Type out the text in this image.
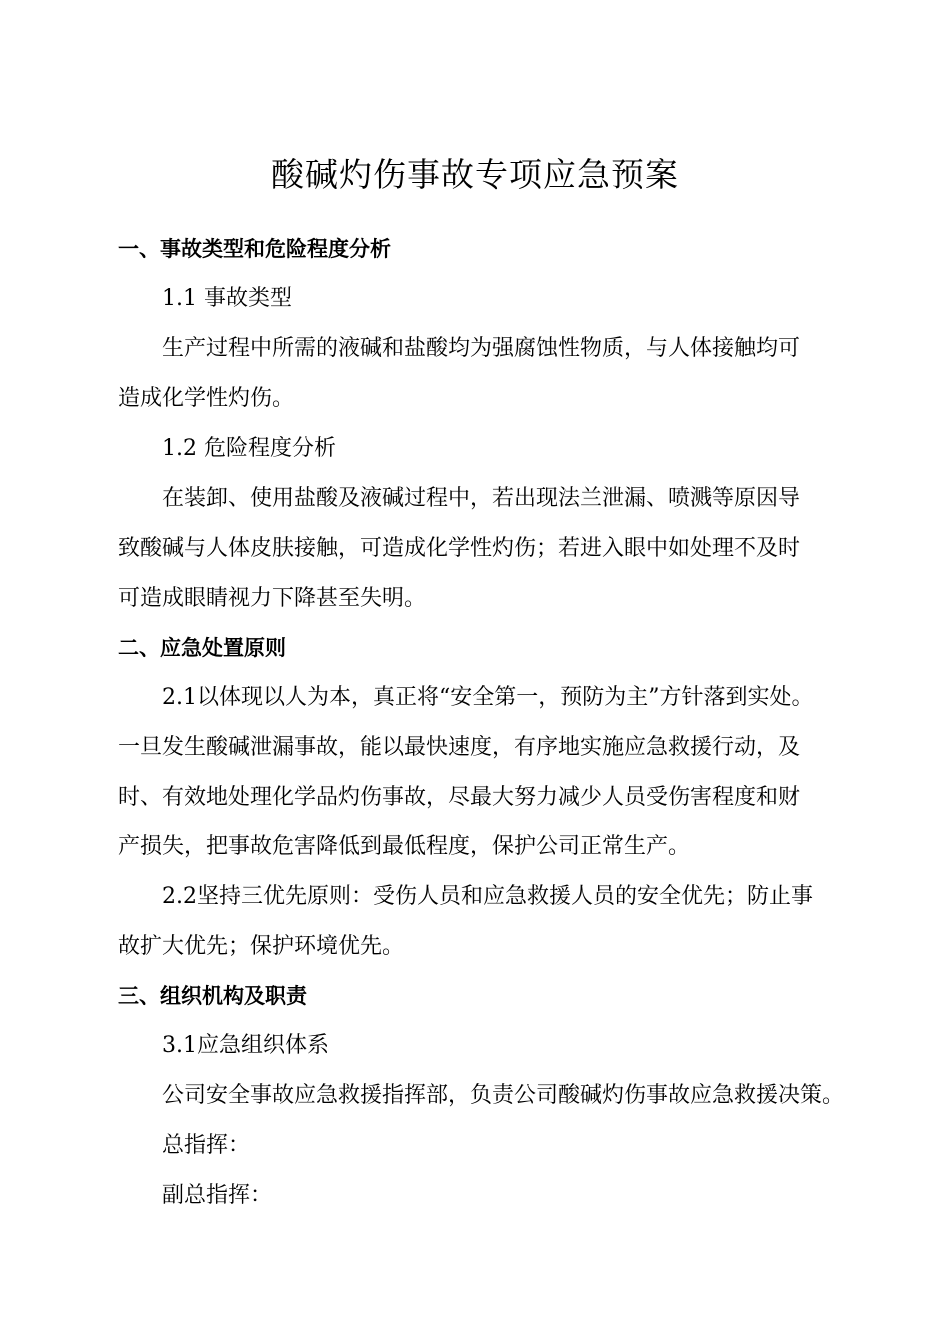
酸碱灼伤事故专项应急预案
一、事故类型和危险程度分析
1.1 事故类型
生产过程中所需的液碱和盐酸均为强腐蚀性物质，与人体接触均可
造成化学性灼伤。
1.2 危险程度分析
在装卸、使用盐酸及液碱过程中，若出现法兰泄漏、喷溅等原因导
致酸碱与人体皮肤接触，可造成化学性灼伤；若进入眼中如处理不及时
可造成眼睛视力下降甚至失明。
二、应急处置原则
2.1以体现以人为本，真正将“安全第一，预防为主”方针落到实处。
一旦发生酸碱泄漏事故，能以最快速度，有序地实施应急救援行动，及
时、有效地处理化学品灼伤事故，尽最大努力减少人员受伤害程度和财
产损失，把事故危害降低到最低程度，保护公司正常生产。
2.2坚持三优先原则：受伤人员和应急救援人员的安全优先；防止事
故扩大优先；保护环境优先。
三、组织机构及职责
3.1应急组织体系
公司安全事故应急救援指挥部，负责公司酸碱灼伤事故应急救援决策。
总指挥：
副总指挥：
